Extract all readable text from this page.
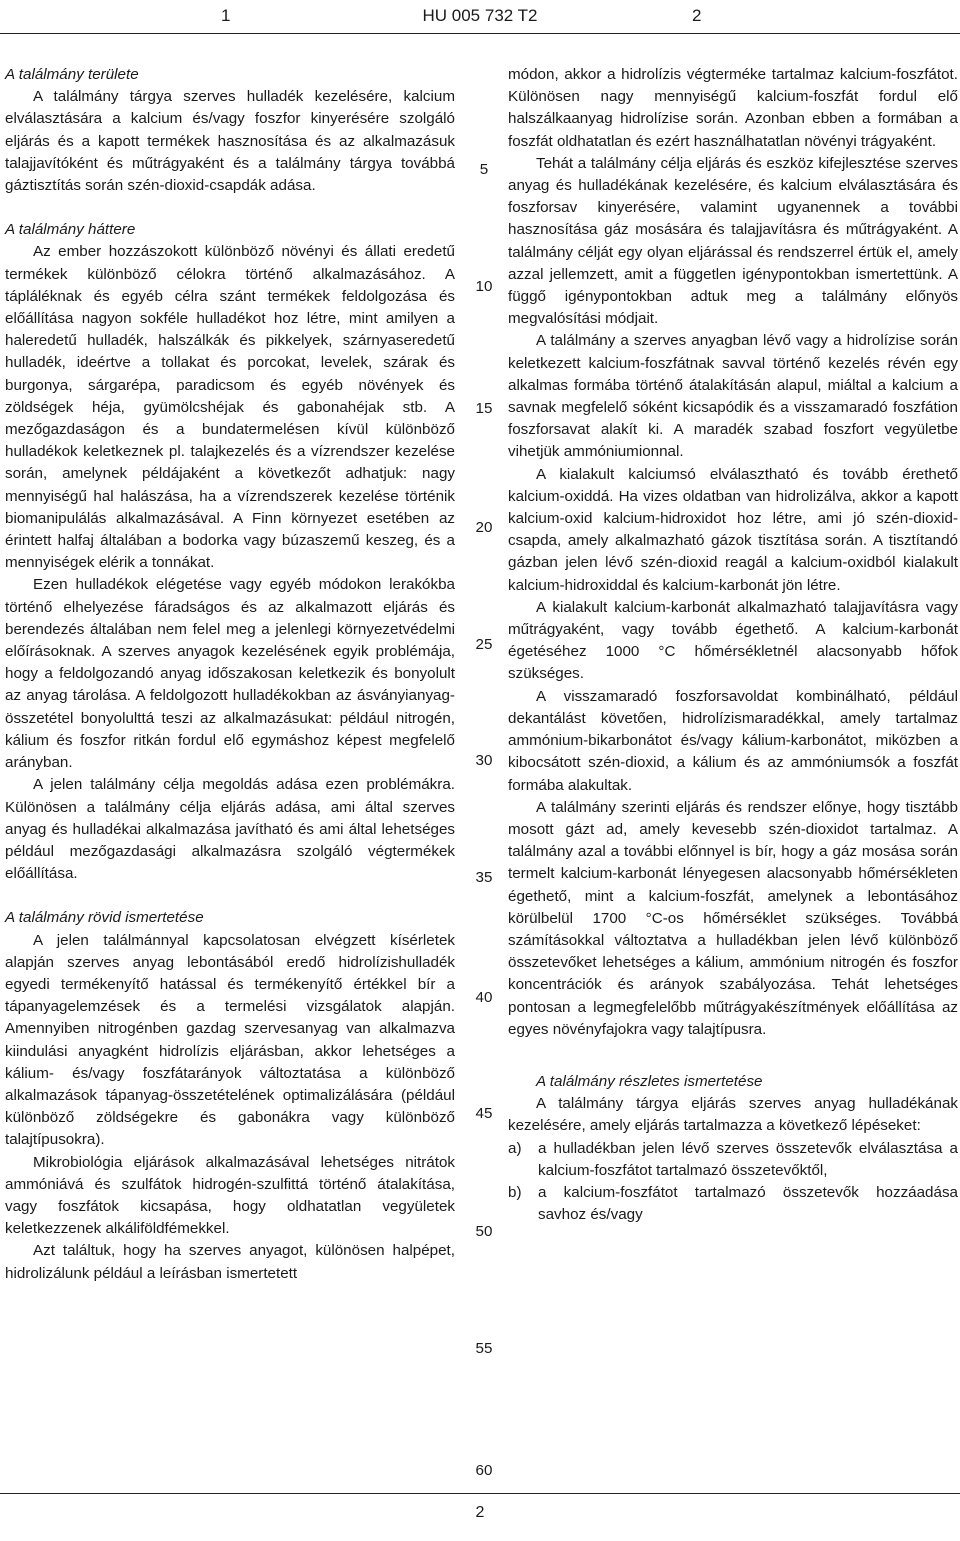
1	HU 005 732 T2	2
A találmány területe

A találmány tárgya szerves hulladék kezelésére, kalcium elválasztására a kalcium és/vagy foszfor kinyerésére szolgáló eljárás és a kapott termékek hasznosítása és az alkalmazásuk talajjavítóként és műtrágyaként és a találmány tárgya továbbá gáztisztítás során szén-dioxid-csapdák adása.

A találmány háttere

Az ember hozzászokott különböző növényi és állati eredetű termékek különböző célokra történő alkalmazásához. A tápláléknak és egyéb célra szánt termékek feldolgozása és előállítása nagyon sokféle hulladékot hoz létre, mint amilyen a haleredetű hulladék, halszálkák és pikkelyek, szárnyaseredetű hulladék, ideértve a tollakat és porcokat, levelek, szárak és burgonya, sárgarépa, paradicsom és egyéb növények és zöldségek héja, gyümölcshéjak és gabonahéjak stb. A mezőgazdaságon és a bundatermelésen kívül különböző hulladékok keletkeznek pl. talajkezelés és a vízrendszer kezelése során, amelynek példájaként a következőt adhatjuk: nagy mennyiségű hal halászása, ha a vízrendszerek kezelése történik biomanipulálás alkalmazásával. A Finn környezet esetében az érintett halfaj általában a bodorka vagy búzaszemű keszeg, és a mennyiségek elérik a tonnákat.

Ezen hulladékok elégetése vagy egyéb módokon lerakókba történő elhelyezése fáradságos és az alkalmazott eljárás és berendezés általában nem felel meg a jelenlegi környezetvédelmi előírásoknak. A szerves anyagok kezelésének egyik problémája, hogy a feldolgozandó anyag időszakosan keletkezik és bonyolult az anyag tárolása. A feldolgozott hulladékokban az ásványianyag-összetétel bonyolulttá teszi az alkalmazásukat: például nitrogén, kálium és foszfor ritkán fordul elő egymáshoz képest megfelelő arányban.

A jelen találmány célja megoldás adása ezen problémákra. Különösen a találmány célja eljárás adása, ami által szerves anyag és hulladékai alkalmazása javítható és ami által lehetséges például mezőgazdasági alkalmazásra szolgáló végtermékek előállítása.

A találmány rövid ismertetése

A jelen találmánnyal kapcsolatosan elvégzett kísérletek alapján szerves anyag lebontásából eredő hidrolízishulladék egyedi termékenyítő hatással és termékenyítő értékkel bír a tápanyagelemzések és a termelési vizsgálatok alapján. Amennyiben nitrogénben gazdag szervesanyag van alkalmazva kiindulási anyagként hidrolízis eljárásban, akkor lehetséges a kálium- és/vagy foszfátarányok változtatása a különböző alkalmazások tápanyag-összetételének optimalizálására (például különböző zöldségekre és gabonákra vagy különböző talajtípusokra).

Mikrobiológia eljárások alkalmazásával lehetséges nitrátok ammóniává és szulfátok hidrogén-szulfittá történő átalakítása, vagy foszfátok kicsapása, hogy oldhatatlan vegyületek keletkezzenek alkáliföldfémekkel.

Azt találtuk, hogy ha szerves anyagot, különösen halpépet, hidrolizálunk például a leírásban ismertetett

5
10
15
20
25
30
35
40
45
50
55
60

módon, akkor a hidrolízis végterméke tartalmaz kalcium-foszfátot. Különösen nagy mennyiségű kalcium-foszfát fordul elő halszálkaanyag hidrolízise során. Azonban ebben a formában a foszfát oldhatatlan és ezért használhatatlan növényi trágyaként.

Tehát a találmány célja eljárás és eszköz kifejlesztése szerves anyag és hulladékának kezelésére, és kalcium elválasztására és foszforsav kinyerésére, valamint ugyanennek a további hasznosítása gáz mosására és talajjavításra és műtrágyaként. A találmány célját egy olyan eljárással és rendszerrel értük el, amely azzal jellemzett, amit a független igénypontokban ismertettünk. A függő igénypontokban adtuk meg a találmány előnyös megvalósítási módjait.

A találmány a szerves anyagban lévő vagy a hidrolízise során keletkezett kalcium-foszfátnak savval történő kezelés révén egy alkalmas formába történő átalakításán alapul, miáltal a kalcium a savnak megfelelő sóként kicsapódik és a visszamaradó foszfátion foszforsavat alakít ki. A maradék szabad foszfort vegyületbe vihetjük ammóniumionnal.

A kialakult kalciumsó elválasztható és tovább érethető kalcium-oxiddá. Ha vizes oldatban van hidrolizálva, akkor a kapott kalcium-oxid kalcium-hidroxidot hoz létre, ami jó szén-dioxid-csapda, amely alkalmazható gázok tisztítása során. A tisztítandó gázban jelen lévő szén-dioxid reagál a kalcium-oxidból kialakult kalcium-hidroxiddal és kalcium-karbonát jön létre.

A kialakult kalcium-karbonát alkalmazható talajjavításra vagy műtrágyaként, vagy tovább égethető. A kalcium-karbonát égetéséhez 1000 °C hőmérsékletnél alacsonyabb hőfok szükséges.

A visszamaradó foszforsavoldat kombinálható, például dekantálást követően, hidrolízismaradékkal, amely tartalmaz ammónium-bikarbonátot és/vagy kálium-karbonátot, miközben a kibocsátott szén-dioxid, a kálium és az ammóniumsók a foszfát formába alakultak.

A találmány szerinti eljárás és rendszer előnye, hogy tisztább mosott gázt ad, amely kevesebb szén-dioxidot tartalmaz. A találmány azal a további előnnyel is bír, hogy a gáz mosása során termelt kalcium-karbonát lényegesen alacsonyabb hőmérsékleten égethető, mint a kalcium-foszfát, amelynek a lebontásához körülbelül 1700 °C-os hőmérséklet szükséges. Továbbá számításokkal változtatva a hulladékban jelen lévő különböző összetevőket lehetséges a kálium, ammónium nitrogén és foszfor koncentrációk és arányok szabályozása. Tehát lehetséges pontosan a legmegfelelőbb műtrágyakészítmények előállítása az egyes növényfajokra vagy talajtípusra.

A találmány részletes ismertetése

A találmány tárgya eljárás szerves anyag hulladékának kezelésére, amely eljárás tartalmazza a következő lépéseket:

a)	a hulladékban jelen lévő szerves összetevők elválasztása a kalcium-foszfátot tartalmazó összetevőktől,
b)	a kalcium-foszfátot tartalmazó összetevők hozzáadása savhoz és/vagy
2
